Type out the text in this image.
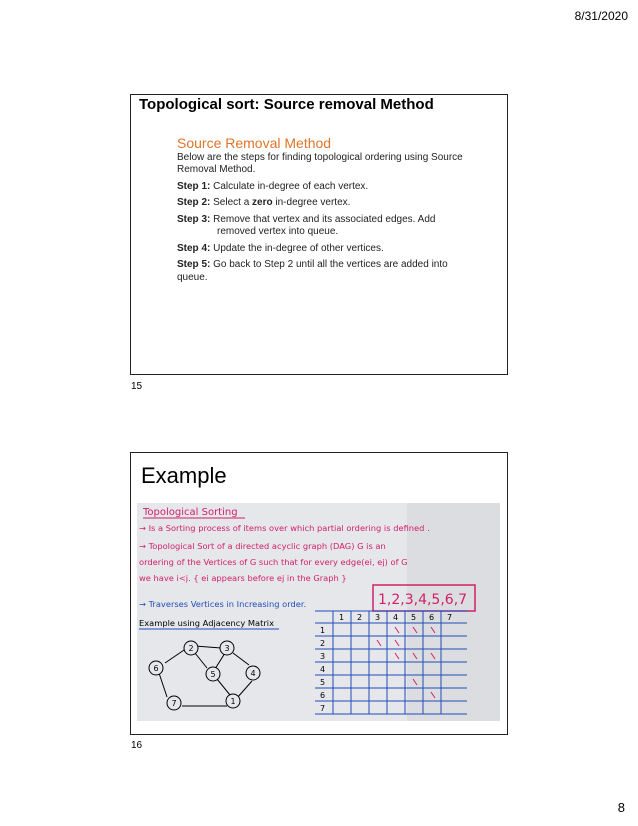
8/31/2020
Topological sort: Source removal Method
Source Removal Method

Below are the steps for finding topological ordering using Source Removal Method.

Step 1: Calculate in-degree of each vertex.

Step 2: Select a zero in-degree vertex.

Step 3: Remove that vertex and its associated edges. Add
removed vertex into queue.

Step 4: Update the in-degree of other vertices.

Step 5: Go back to Step 2 until all the vertices are added into
queue.

15
Example
Topological Sorting
→ Is a Sorting process of items over which partial ordering is defined .
→ Topological Sort of a directed acyclic graph (DAG) G is an
ordering of the Vertices of G such that for every edge(ei, ej) of G
we have i<j. { ei appears before ej in the Graph }
→ Traverses Vertices in Increasing order.	1,2,3,4,5,6,7
Example using Adjacency Matrix
1 2 3 4 5 6 7
1
2
3
4
5
6
7
1
2	3
4
5
6
7
16
8
